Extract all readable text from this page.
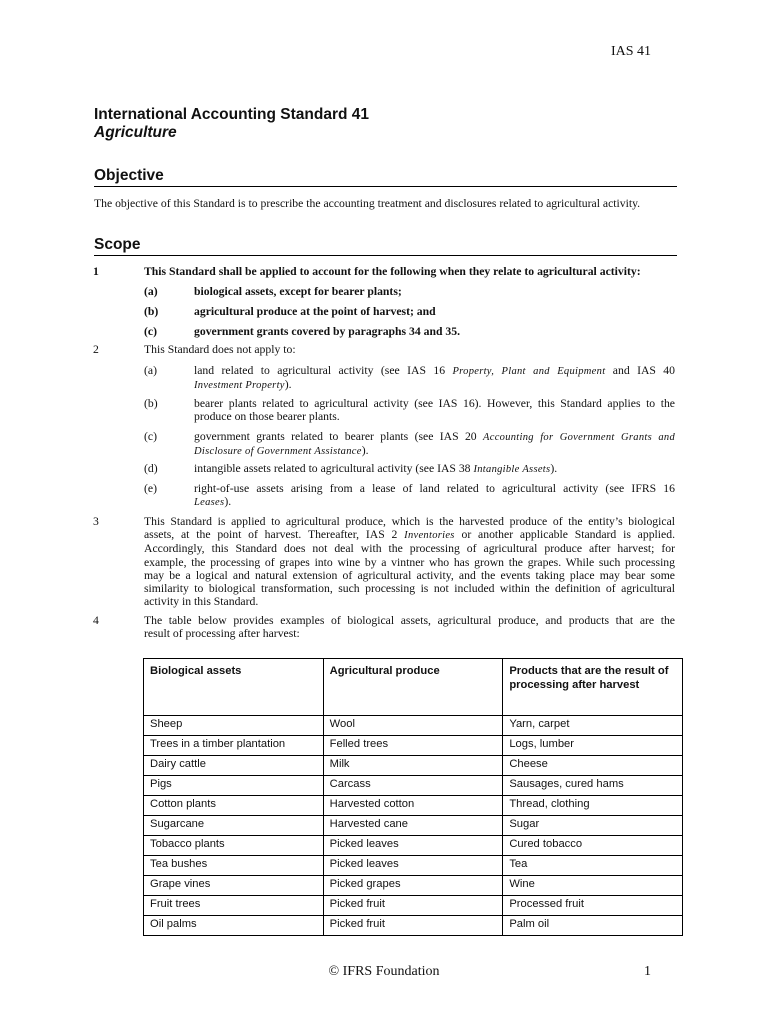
IAS 41
International Accounting Standard 41
Agriculture
Objective
The objective of this Standard is to prescribe the accounting treatment and disclosures related to agricultural activity.
Scope
1	This Standard shall be applied to account for the following when they relate to agricultural activity:
(a)	biological assets, except for bearer plants;
(b)	agricultural produce at the point of harvest; and
(c)	government grants covered by paragraphs 34 and 35.
2	This Standard does not apply to:
(a)	land related to agricultural activity (see IAS 16 Property, Plant and Equipment and IAS 40
Investment Property).
(b)	bearer plants related to agricultural activity (see IAS 16). However, this Standard applies to the
produce on those bearer plants.
(c)	government grants related to bearer plants (see IAS 20 Accounting for Government Grants and
Disclosure of Government Assistance).
(d)	intangible assets related to agricultural activity (see IAS 38 Intangible Assets).
(e)	right-of-use assets arising from a lease of land related to agricultural activity (see IFRS 16
Leases).
3	This Standard is applied to agricultural produce, which is the harvested produce of the entity’s biological
assets, at the point of harvest. Thereafter, IAS 2 Inventories or another applicable Standard is applied.
Accordingly, this Standard does not deal with the processing of agricultural produce after harvest; for
example, the processing of grapes into wine by a vintner who has grown the grapes. While such processing
may be a logical and natural extension of agricultural activity, and the events taking place may bear some
similarity to biological transformation, such processing is not included within the definition of agricultural
activity in this Standard.
4	The table below provides examples of biological assets, agricultural produce, and products that are the
result of processing after harvest:
Biological assets	Agricultural produce	Products that are the result of processing after harvest
Sheep	Wool	Yarn, carpet
Trees in a timber plantation	Felled trees	Logs, lumber
Dairy cattle	Milk	Cheese
Pigs	Carcass	Sausages, cured hams
Cotton plants	Harvested cotton	Thread, clothing
Sugarcane	Harvested cane	Sugar
Tobacco plants	Picked leaves	Cured tobacco
Tea bushes	Picked leaves	Tea
Grape vines	Picked grapes	Wine
Fruit trees	Picked fruit	Processed fruit
Oil palms	Picked fruit	Palm oil
© IFRS Foundation	1
